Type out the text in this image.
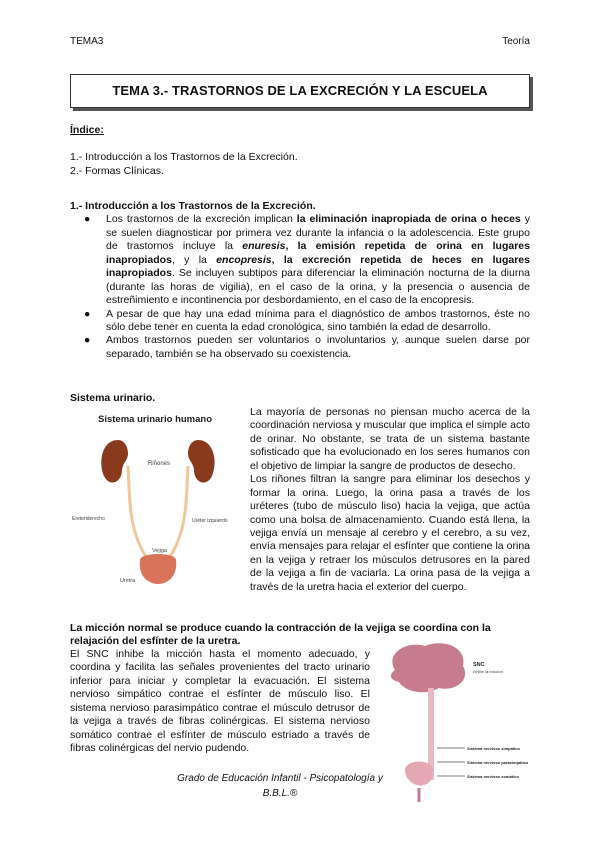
TEMA3	Teoría
TEMA 3.- TRASTORNOS DE LA EXCRECIÓN Y LA ESCUELA
Índice:
1.- Introducción a los Trastornos de la Excreción.
2.- Formas Clínicas.
1.- Introducción a los Trastornos de la Excreción.
● Los trastornos de la excreción implican la eliminación inapropiada de orina o heces y se suelen diagnosticar por primera vez durante la infancia o la adolescencia. Este grupo de trastornos incluye la enuresis, la emisión repetida de orina en lugares inapropiados, y la encopresis, la excreción repetida de heces en lugares inapropiados. Se incluyen subtipos para diferenciar la eliminación nocturna de la diurna (durante las horas de vigilia), en el caso de la orina, y la presencia o ausencia de estreñimiento e incontinencia por desbordamiento, en el caso de la encopresis.
● A pesar de que hay una edad mínima para el diagnóstico de ambos trastornos, éste no sólo debe tener en cuenta la edad cronológica, sino también la edad de desarrollo.
● Ambos trastornos pueden ser voluntarios o involuntarios y, aunque suelen darse por separado, también se ha observado su coexistencia.
Sistema urinario.
Sistema urinario humano
Riñones
Ereteriderecho	Uréter izquierdo
Vejiga
Uretra

La mayoría de personas no piensan mucho acerca de la coordinación nerviosa y muscular que implica el simple acto de orinar. No obstante, se trata de un sistema bastante sofisticado que ha evolucionado en los seres humanos con el objetivo de limpiar la sangre de productos de desecho.

Los riñones filtran la sangre para eliminar los desechos y formar la orina. Luego, la orina pasa a través de los uréteres (tubo de músculo liso) hacia la vejiga, que actúa como una bolsa de almacenamiento. Cuando está llena, la vejiga envía un mensaje al cerebro y el cerebro, a su vez, envía mensajes para relajar el esfínter que contiene la orina en la vejiga y retraer los músculos detrusores en la pared de la vejiga a fin de vaciarla. La orina pasa de la vejiga a través de la uretra hacia el exterior del cuerpo.

La micción normal se produce cuando la contracción de la vejiga se coordina con la relajación del esfínter de la uretra.

El SNC inhibe la micción hasta el momento adecuado, y coordina y facilita las señales provenientes del tracto urinario inferior para iniciar y completar la evacuación. El sistema nervioso simpático contrae el esfínter de músculo liso. El sistema nervioso parasimpático contrae el músculo detrusor de la vejiga a través de fibras colinérgicas. El sistema nervioso somático contrae el esfínter de músculo estriado a través de fibras colinérgicas del nervio pudendo.

SNC
Inhibe la micción
Sistema nervioso simpático
Sistema nervioso parasimpático
Sistema nervioso somático
Grado de Educación Infantil - Psicopatología y
B.B.L.®
